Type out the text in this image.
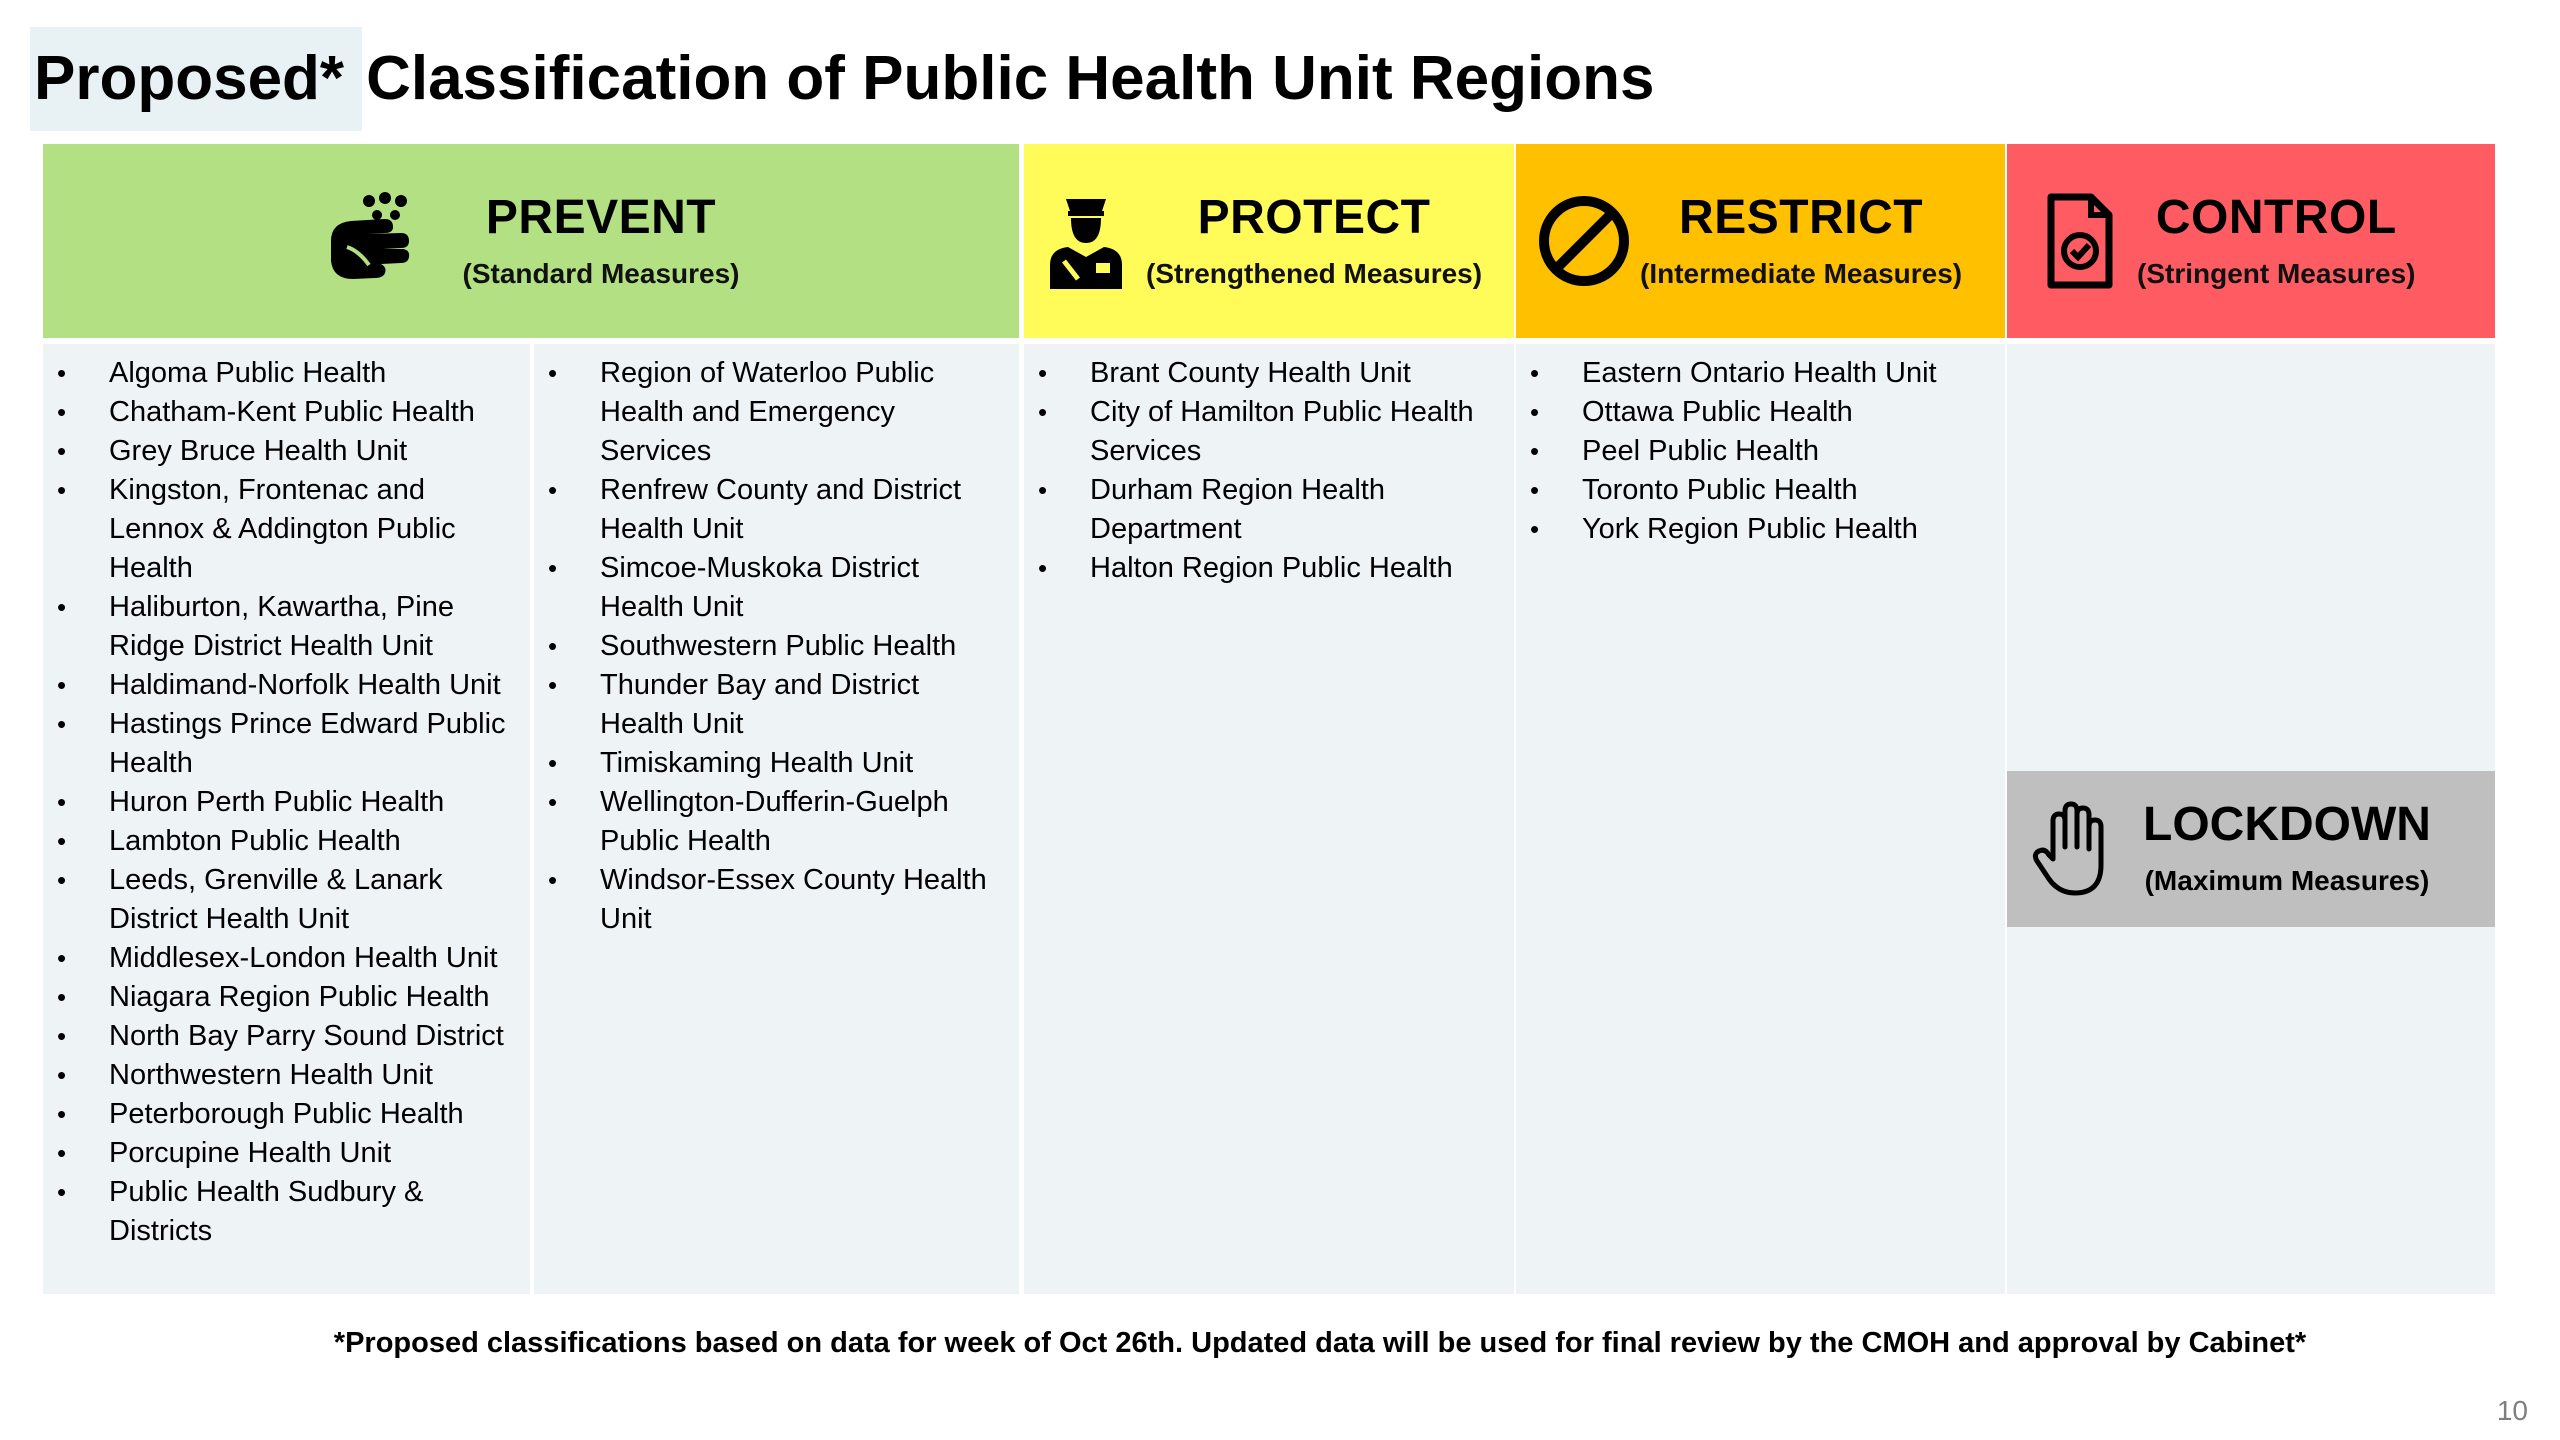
Proposed* Classification of Public Health Unit Regions
PREVENT
(Standard Measures)
PROTECT
(Strengthened Measures)
RESTRICT
(Intermediate Measures)
CONTROL
(Stringent Measures)
• Algoma Public Health
• Chatham-Kent Public Health
• Grey Bruce Health Unit
• Kingston, Frontenac and Lennox & Addington Public Health
• Haliburton, Kawartha, Pine Ridge District Health Unit
• Haldimand-Norfolk Health Unit
• Hastings Prince Edward Public Health
• Huron Perth Public Health
• Lambton Public Health
• Leeds, Grenville & Lanark District Health Unit
• Middlesex-London Health Unit
• Niagara Region Public Health
• North Bay Parry Sound District
• Northwestern Health Unit
• Peterborough Public Health
• Porcupine Health Unit
• Public Health Sudbury & Districts
• Region of Waterloo Public Health and Emergency Services
• Renfrew County and District Health Unit
• Simcoe-Muskoka District Health Unit
• Southwestern Public Health
• Thunder Bay and District Health Unit
• Timiskaming Health Unit
• Wellington-Dufferin-Guelph Public Health
• Windsor-Essex County Health Unit
• Brant County Health Unit
• City of Hamilton Public Health Services
• Durham Region Health Department
• Halton Region Public Health
• Eastern Ontario Health Unit
• Ottawa Public Health
• Peel Public Health
• Toronto Public Health
• York Region Public Health
LOCKDOWN
(Maximum Measures)
*Proposed classifications based on data for week of Oct 26th. Updated data will be used for final review by the CMOH and approval by Cabinet*
10
